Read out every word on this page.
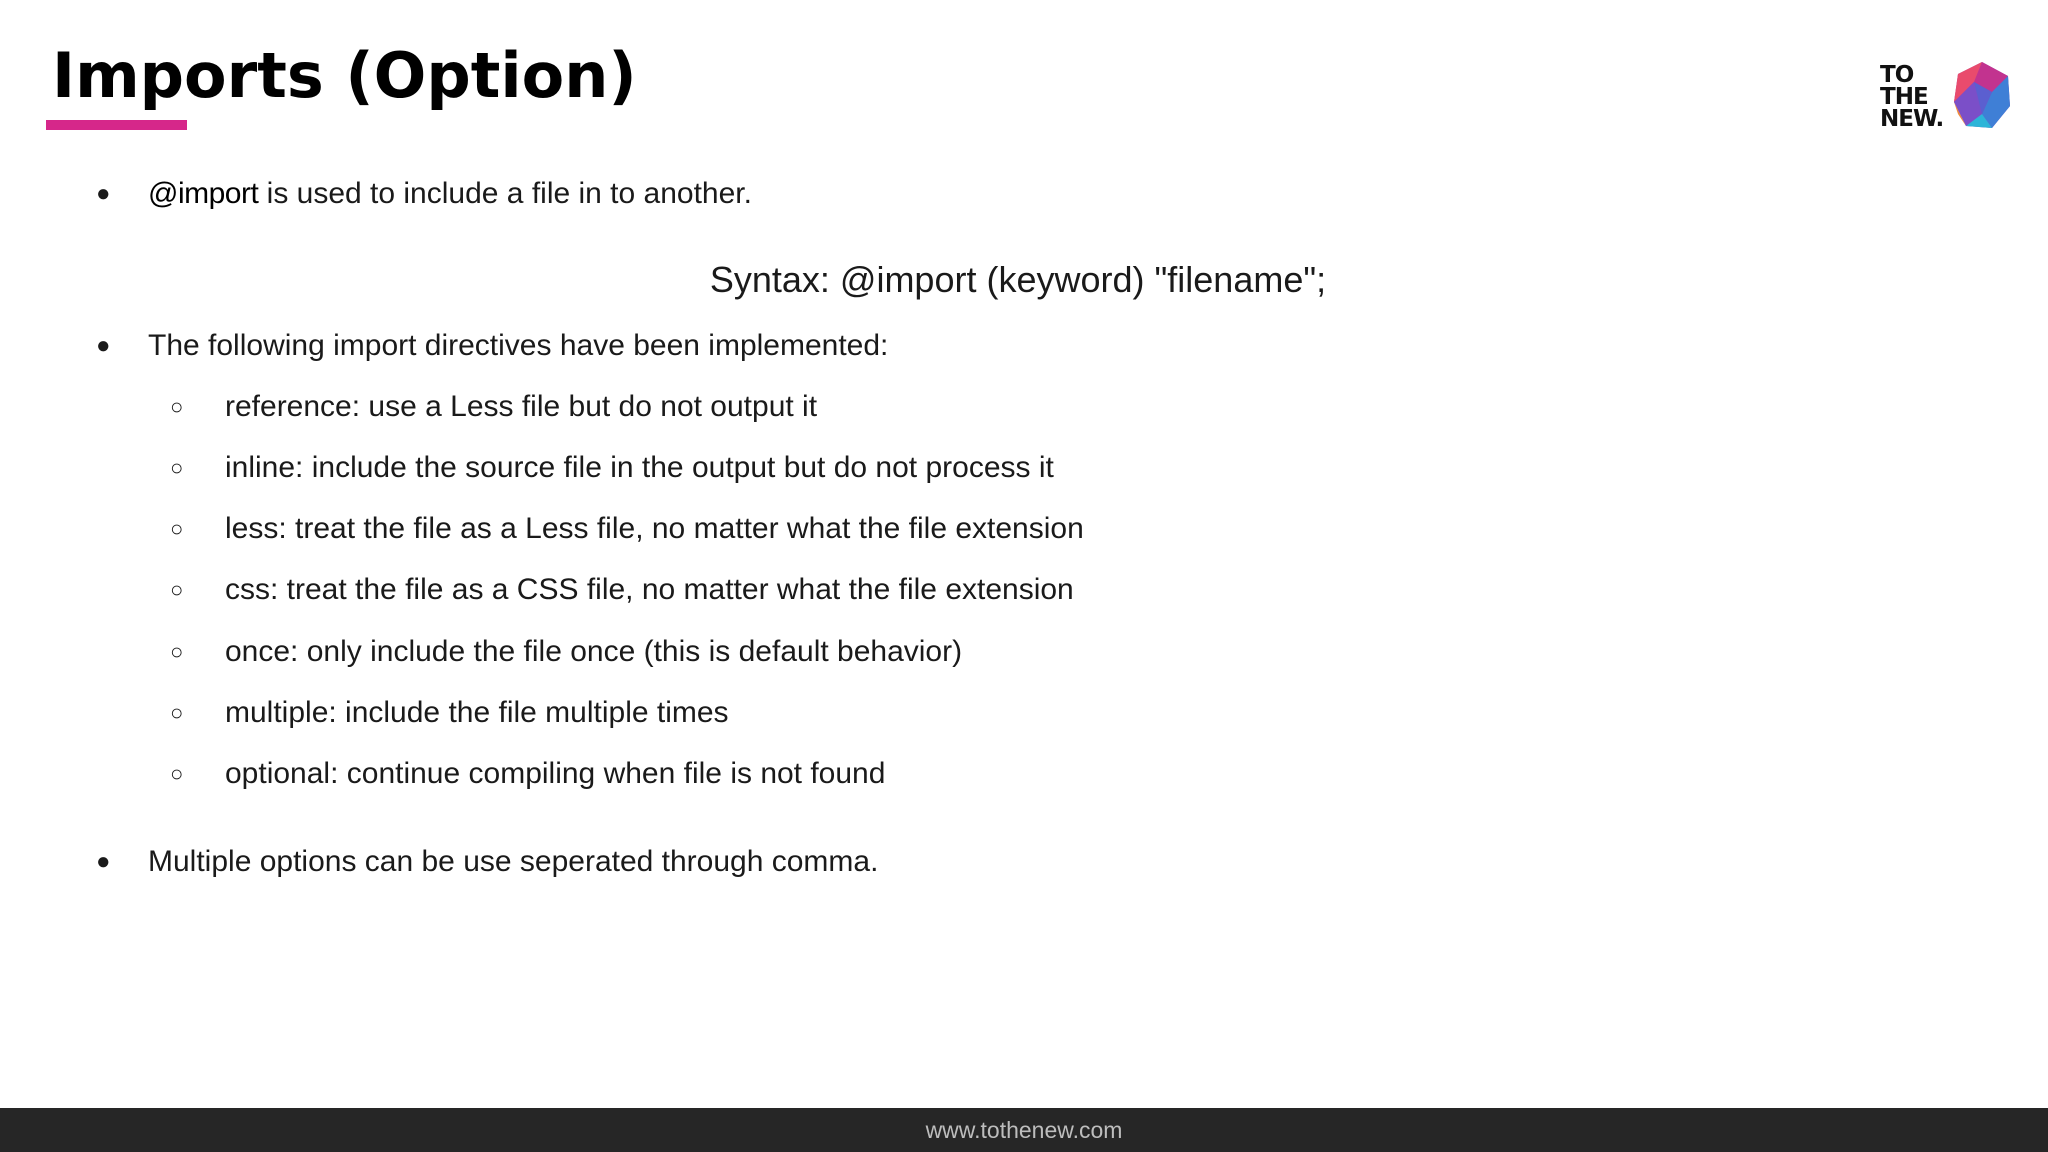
Imports (Option)	TO
THE
NEW.
● @import is used to include a file in to another.
Syntax: @import (keyword) "filename";
● The following import directives have been implemented:
○ reference: use a Less file but do not output it
○ inline: include the source file in the output but do not process it
○ less: treat the file as a Less file, no matter what the file extension
○ css: treat the file as a CSS file, no matter what the file extension
○ once: only include the file once (this is default behavior)
○ multiple: include the file multiple times
○ optional: continue compiling when file is not found
● Multiple options can be use seperated through comma.
www.tothenew.com
